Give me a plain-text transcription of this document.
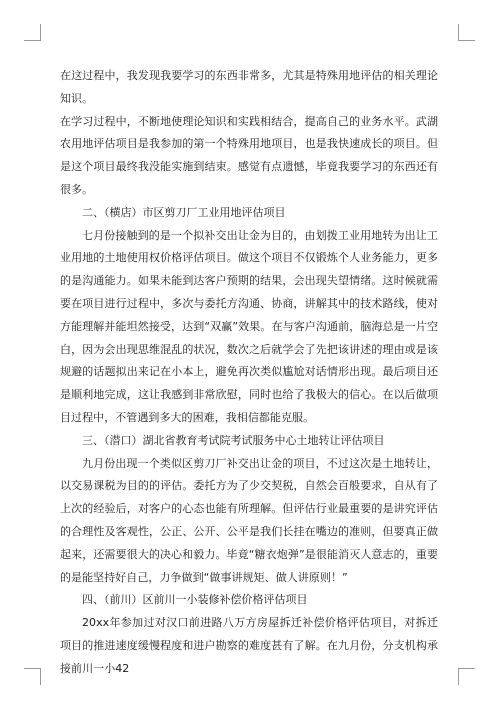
在这过程中，我发现我要学习的东西非常多，尤其是特殊用地评估的相关理论知识。

在学习过程中，不断地使理论知识和实践相结合，提高自己的业务水平。武湖农用地评估项目是我参加的第一个特殊用地项目，也是我快速成长的项目。但是这个项目最终我没能实施到结束。感觉有点遗憾，毕竟我要学习的东西还有很多。

二、（横店）市区剪刀厂工业用地评估项目

七月份接触到的是一个拟补交出让金为目的，由划拨工业用地转为出让工业用地的土地使用权价格评估项目。做这个项目不仅锻炼个人业务能力，更多的是沟通能力。如果未能到达客户预期的结果，会出现失望情绪。这时候就需要在项目进行过程中，多次与委托方沟通、协商，讲解其中的技术路线，使对方能理解并能坦然接受，达到“双赢”效果。在与客户沟通前，脑海总是一片空白，因为会出现思维混乱的状况，数次之后就学会了先把该讲述的理由或是该规避的话题拟出来记在小本上，避免再次类似尴尬对话情形出现。最后项目还是顺利地完成，这让我感到非常欣慰，同时也给了我极大的信心。在以后做项目过程中，不管遇到多大的困难，我相信都能克服。

三、（潜口）湖北省教育考试院考试服务中心土地转让评估项目

九月份出现一个类似区剪刀厂补交出让金的项目，不过这次是土地转让，以交易课税为目的的评估。委托方为了少交契税，自然会百般要求，自从有了上次的经验后，对客户的心态也能有所理解。但评估行业最重要的是讲究评估的合理性及客观性，公正、公开、公平是我们长挂在嘴边的准则，但要真正做起来，还需要很大的决心和毅力。毕竟“糖衣炮弹”是很能消灭人意志的，重要的是能坚持好自己，力争做到“做事讲规矩、做人讲原则！”

四、（前川）区前川一小装修补偿价格评估项目

20xx年参加过对汉口前进路八万方房屋拆迁补偿价格评估项目，对拆迁项目的推进速度缓慢程度和进户勘察的难度甚有了解。在九月份，分支机构承接前川一小42
